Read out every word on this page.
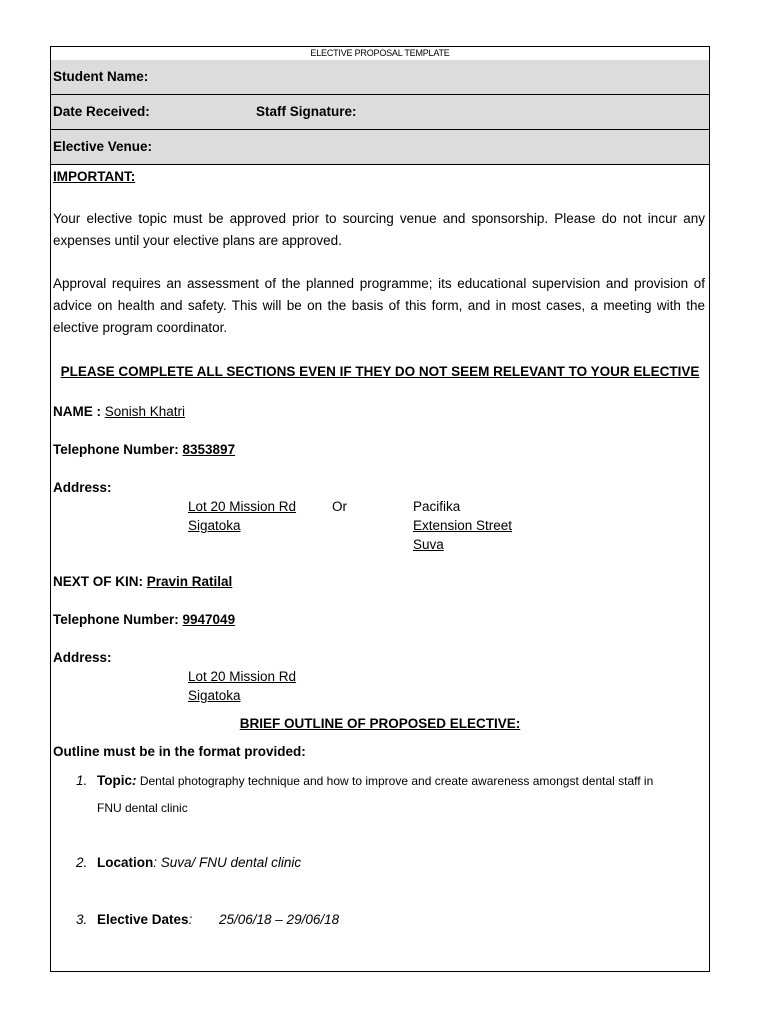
ELECTIVE PROPOSAL TEMPLATE
Student Name:
Date Received:	Staff Signature:
Elective Venue:
IMPORTANT:
Your elective topic must be approved prior to sourcing venue and sponsorship. Please do not incur any expenses until your elective plans are approved.
Approval requires an assessment of the planned programme; its educational supervision and provision of advice on health and safety. This will be on the basis of this form, and in most cases, a meeting with the elective program coordinator.
PLEASE COMPLETE ALL SECTIONS EVEN IF THEY DO NOT SEEM RELEVANT TO YOUR ELECTIVE
NAME : Sonish Khatri
Telephone Number: 8353897
Address:
Lot 20 Mission Rd
Sigatoka
Or	Pacifika
Extension Street
Suva
NEXT OF KIN: Pravin Ratilal
Telephone Number: 9947049
Address:
Lot 20 Mission Rd
Sigatoka
BRIEF OUTLINE OF PROPOSED ELECTIVE:
Outline must be in the format provided:
1. Topic: Dental photography technique and how to improve and create awareness amongst dental staff in
FNU dental clinic
2. Location: Suva/ FNU dental clinic
3. Elective Dates: 25/06/18 – 29/06/18
